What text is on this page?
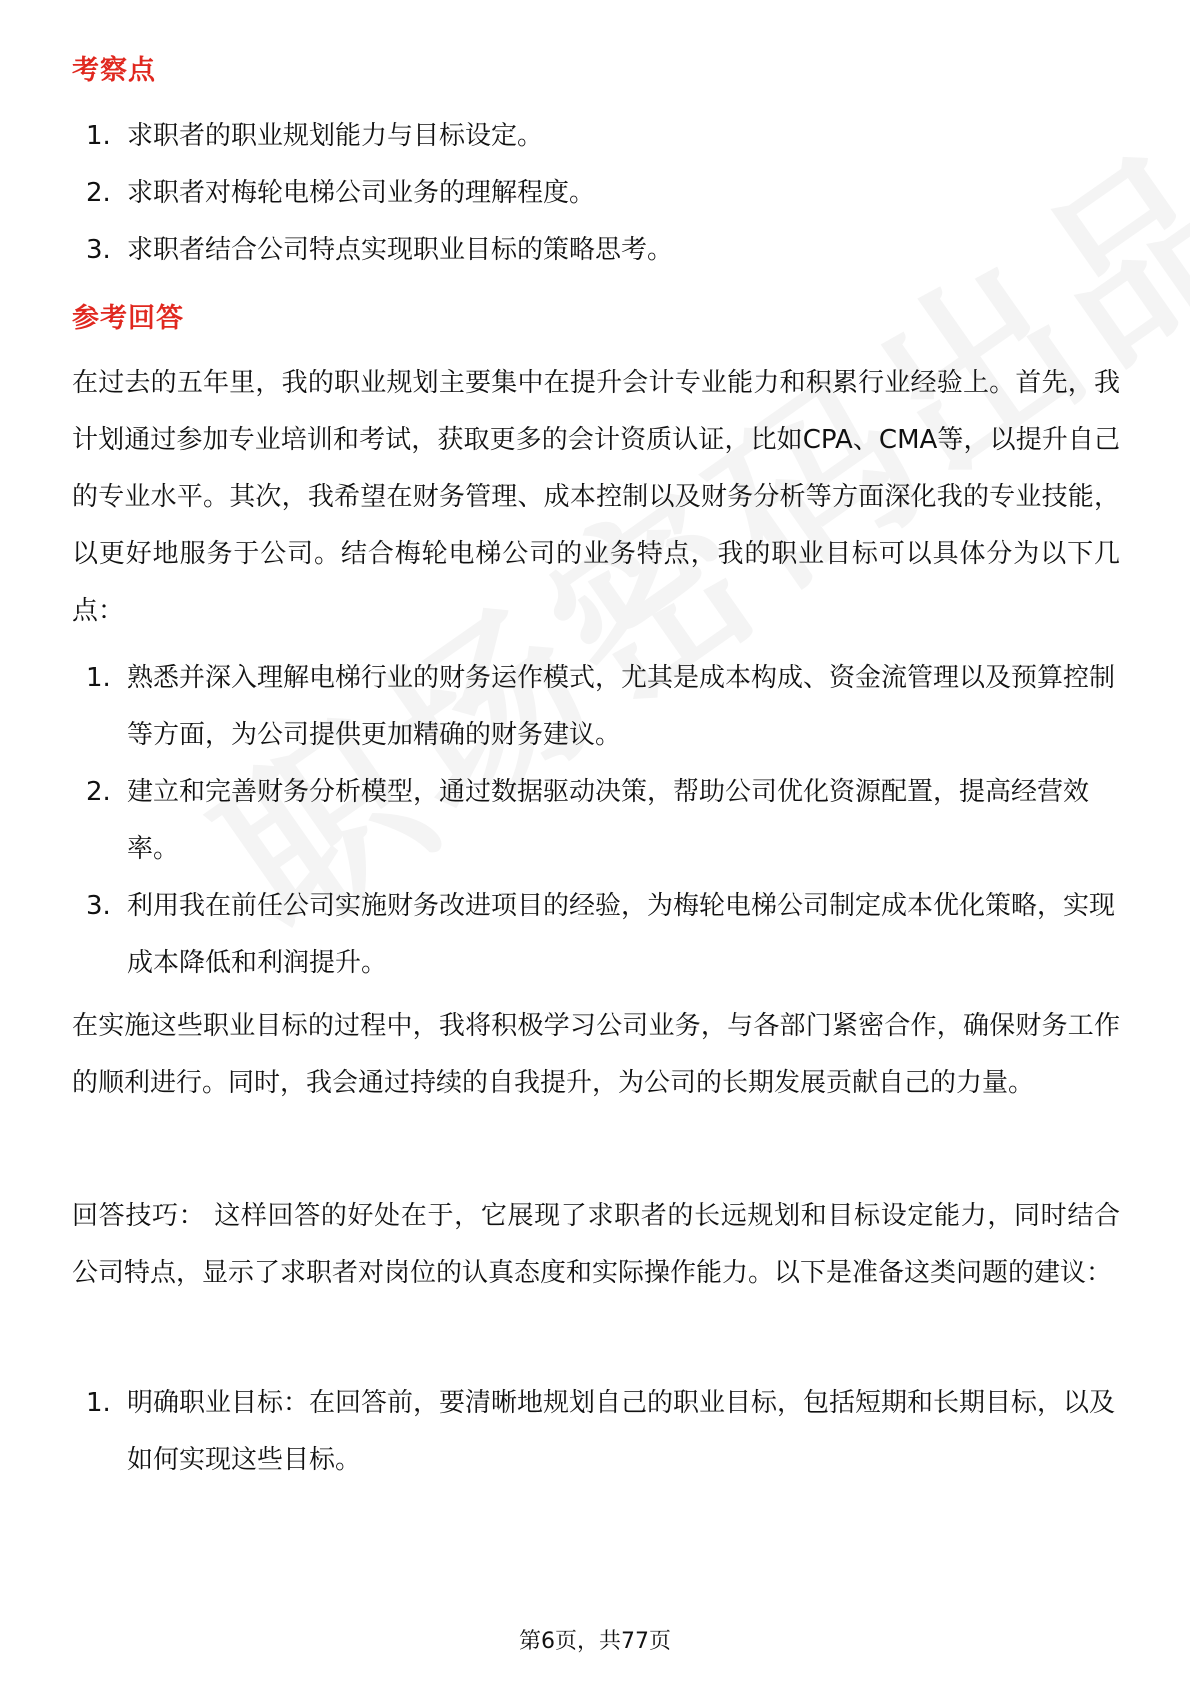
考察点
1. 求职者的职业规划能力与目标设定。
2. 求职者对梅轮电梯公司业务的理解程度。
3. 求职者结合公司特点实现职业目标的策略思考。
参考回答

在过去的五年里，我的职业规划主要集中在提升会计专业能力和积累行业经验上。首先，我计划通过参加专业培训和考试，获取更多的会计资质认证，比如CPA、CMA等，以提升自己的专业水平。其次，我希望在财务管理、成本控制以及财务分析等方面深化我的专业技能，以更好地服务于公司。结合梅轮电梯公司的业务特点，我的职业目标可以具体分为以下几点：

1. 熟悉并深入理解电梯行业的财务运作模式，尤其是成本构成、资金流管理以及预算控制等方面，为公司提供更加精确的财务建议。
2. 建立和完善财务分析模型，通过数据驱动决策，帮助公司优化资源配置，提高经营效率。
3. 利用我在前任公司实施财务改进项目的经验，为梅轮电梯公司制定成本优化策略，实现成本降低和利润提升。

在实施这些职业目标的过程中，我将积极学习公司业务，与各部门紧密合作，确保财务工作的顺利进行。同时，我会通过持续的自我提升，为公司的长期发展贡献自己的力量。

回答技巧： 这样回答的好处在于，它展现了求职者的长远规划和目标设定能力，同时结合公司特点，显示了求职者对岗位的认真态度和实际操作能力。以下是准备这类问题的建议：

1. 明确职业目标：在回答前，要清晰地规划自己的职业目标，包括短期和长期目标，以及如何实现这些目标。
第6页，共77页
